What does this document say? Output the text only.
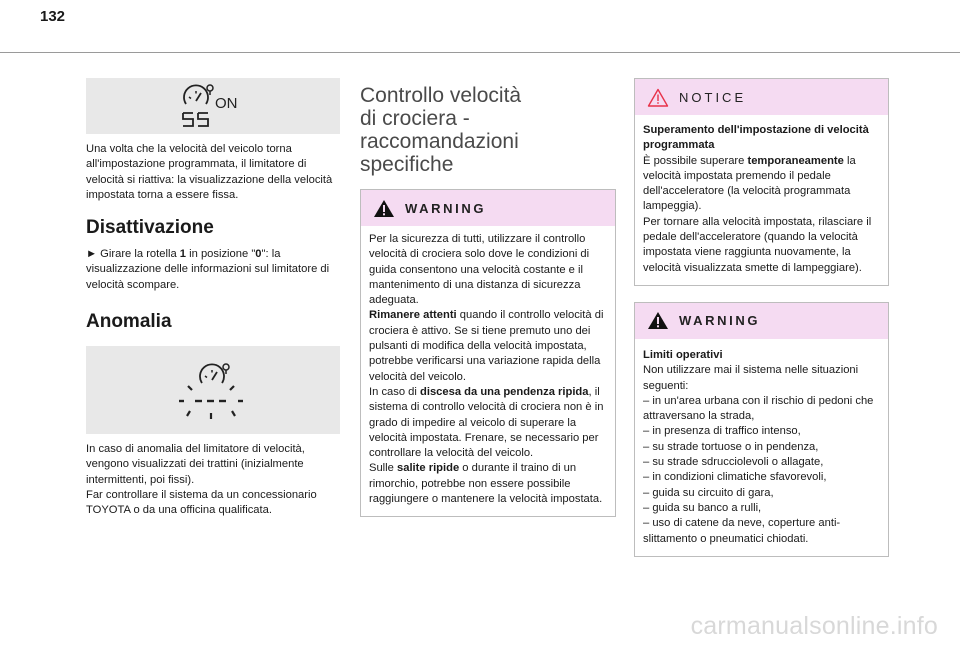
132
ON

Una volta che la velocità del veicolo torna all'impostazione programmata, il limitatore di velocità si riattiva: la visualizzazione della velocità impostata torna a essere fissa.

Disattivazione

► Girare la rotella 1 in posizione "0": la visualizzazione delle informazioni sul limitatore di velocità scompare.

Anomalia

In caso di anomalia del limitatore di velocità, vengono visualizzati dei trattini (inizialmente intermittenti, poi fissi).

Far controllare il sistema da un concessionario TOYOTA o da una officina qualificata.

Controllo velocità
di crociera -
raccomandazioni
specifiche
WARNING

Per la sicurezza di tutti, utilizzare il controllo velocità di crociera solo dove le condizioni di guida consentono una velocità costante e il mantenimento di una distanza di sicurezza adeguata.

Rimanere attenti quando il controllo velocità di crociera è attivo. Se si tiene premuto uno dei pulsanti di modifica della velocità impostata, potrebbe verificarsi una variazione rapida della velocità del veicolo.

In caso di discesa da una pendenza ripida, il sistema di controllo velocità di crociera non è in grado di impedire al veicolo di superare la velocità impostata. Frenare, se necessario per controllare la velocità del veicolo.

Sulle salite ripide o durante il traino di un rimorchio, potrebbe non essere possibile raggiungere o mantenere la velocità impostata.

NOTICE

Superamento dell'impostazione di velocità programmata

È possibile superare temporaneamente la velocità impostata premendo il pedale dell'acceleratore (la velocità programmata lampeggia).

Per tornare alla velocità impostata, rilasciare il pedale dell'acceleratore (quando la velocità impostata viene raggiunta nuovamente, la velocità visualizzata smette di lampeggiare).

WARNING

Limiti operativi

Non utilizzare mai il sistema nelle situazioni seguenti:

– in un'area urbana con il rischio di pedoni che attraversano la strada,

– in presenza di traffico intenso,

– su strade tortuose o in pendenza,

– su strade sdrucciolevoli o allagate,

– in condizioni climatiche sfavorevoli,

– guida su circuito di gara,

– guida su banco a rulli,

– uso di catene da neve, coperture anti-slittamento o pneumatici chiodati.

carmanualsonline.info
